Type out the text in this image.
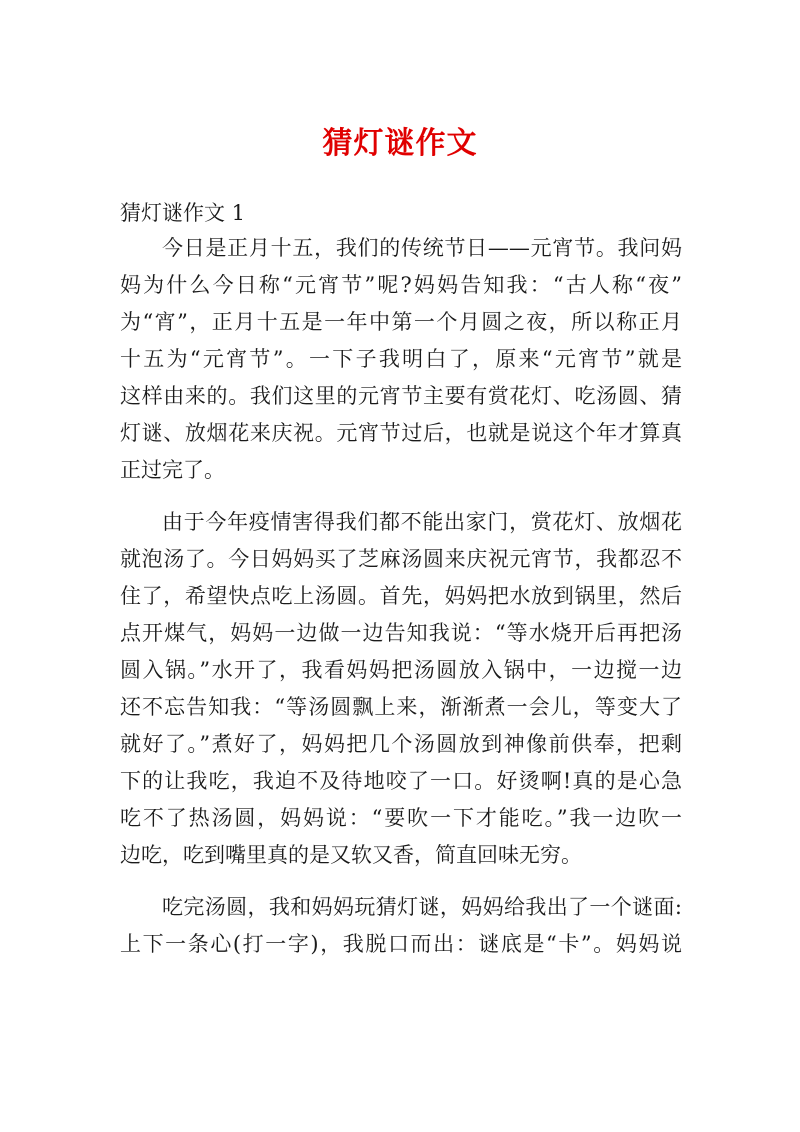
猜灯谜作文
猜灯谜作文 1
今日是正月十五，我们的传统节日——元宵节。我问妈
妈为什么今日称“元宵节”呢?妈妈告知我：“古人称“夜”
为“宵”，正月十五是一年中第一个月圆之夜，所以称正月
十五为“元宵节”。一下子我明白了，原来“元宵节”就是
这样由来的。我们这里的元宵节主要有赏花灯、吃汤圆、猜
灯谜、放烟花来庆祝。元宵节过后，也就是说这个年才算真
正过完了。
由于今年疫情害得我们都不能出家门，赏花灯、放烟花
就泡汤了。今日妈妈买了芝麻汤圆来庆祝元宵节，我都忍不
住了，希望快点吃上汤圆。首先，妈妈把水放到锅里，然后
点开煤气，妈妈一边做一边告知我说：“等水烧开后再把汤
圆入锅。”水开了，我看妈妈把汤圆放入锅中，一边搅一边
还不忘告知我：“等汤圆飘上来，渐渐煮一会儿，等变大了
就好了。”煮好了，妈妈把几个汤圆放到神像前供奉，把剩
下的让我吃，我迫不及待地咬了一口。好烫啊!真的是心急
吃不了热汤圆，妈妈说：“要吹一下才能吃。”我一边吹一
边吃，吃到嘴里真的是又软又香，简直回味无穷。
吃完汤圆，我和妈妈玩猜灯谜，妈妈给我出了一个谜面:
上下一条心(打一字)，我脱口而出：谜底是“卡”。妈妈说
